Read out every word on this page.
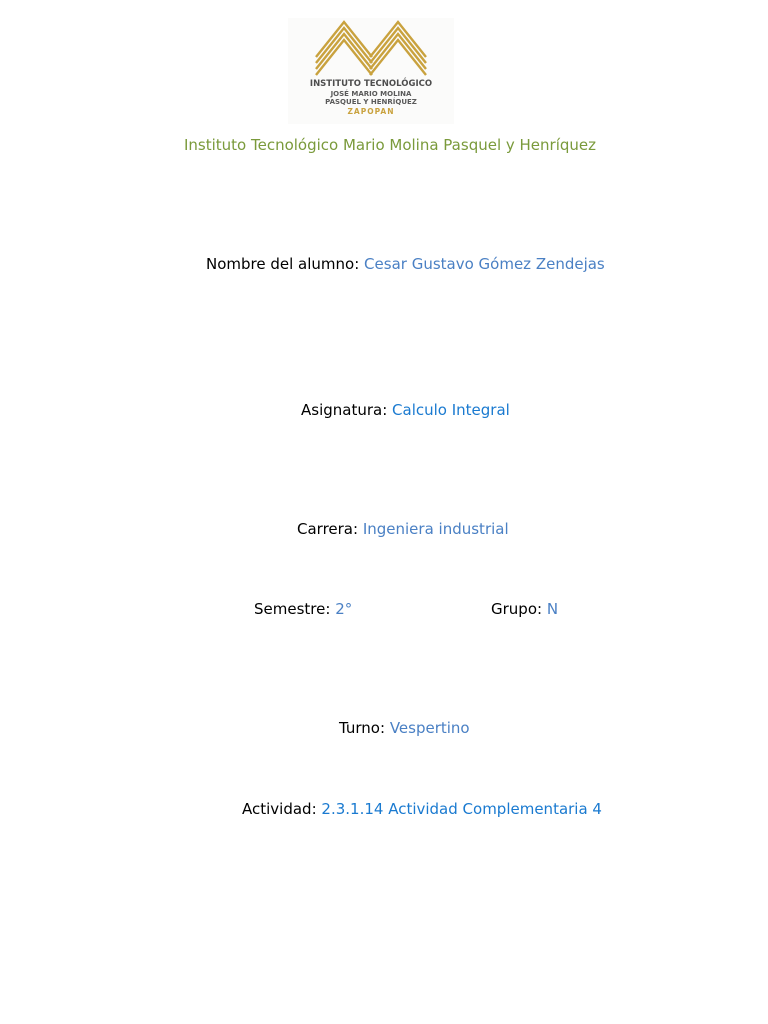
INSTITUTO TECNOLÓGICO
JOSÉ MARIO MOLINA
PASQUEL Y HENRÍQUEZ
ZAPOPAN
Instituto Tecnológico Mario Molina Pasquel y Henríquez
Nombre del alumno: Cesar Gustavo Gómez Zendejas
Asignatura: Calculo Integral
Carrera: Ingeniera industrial
Semestre: 2°	Grupo: N
Turno: Vespertino
Actividad: 2.3.1.14 Actividad Complementaria 4
